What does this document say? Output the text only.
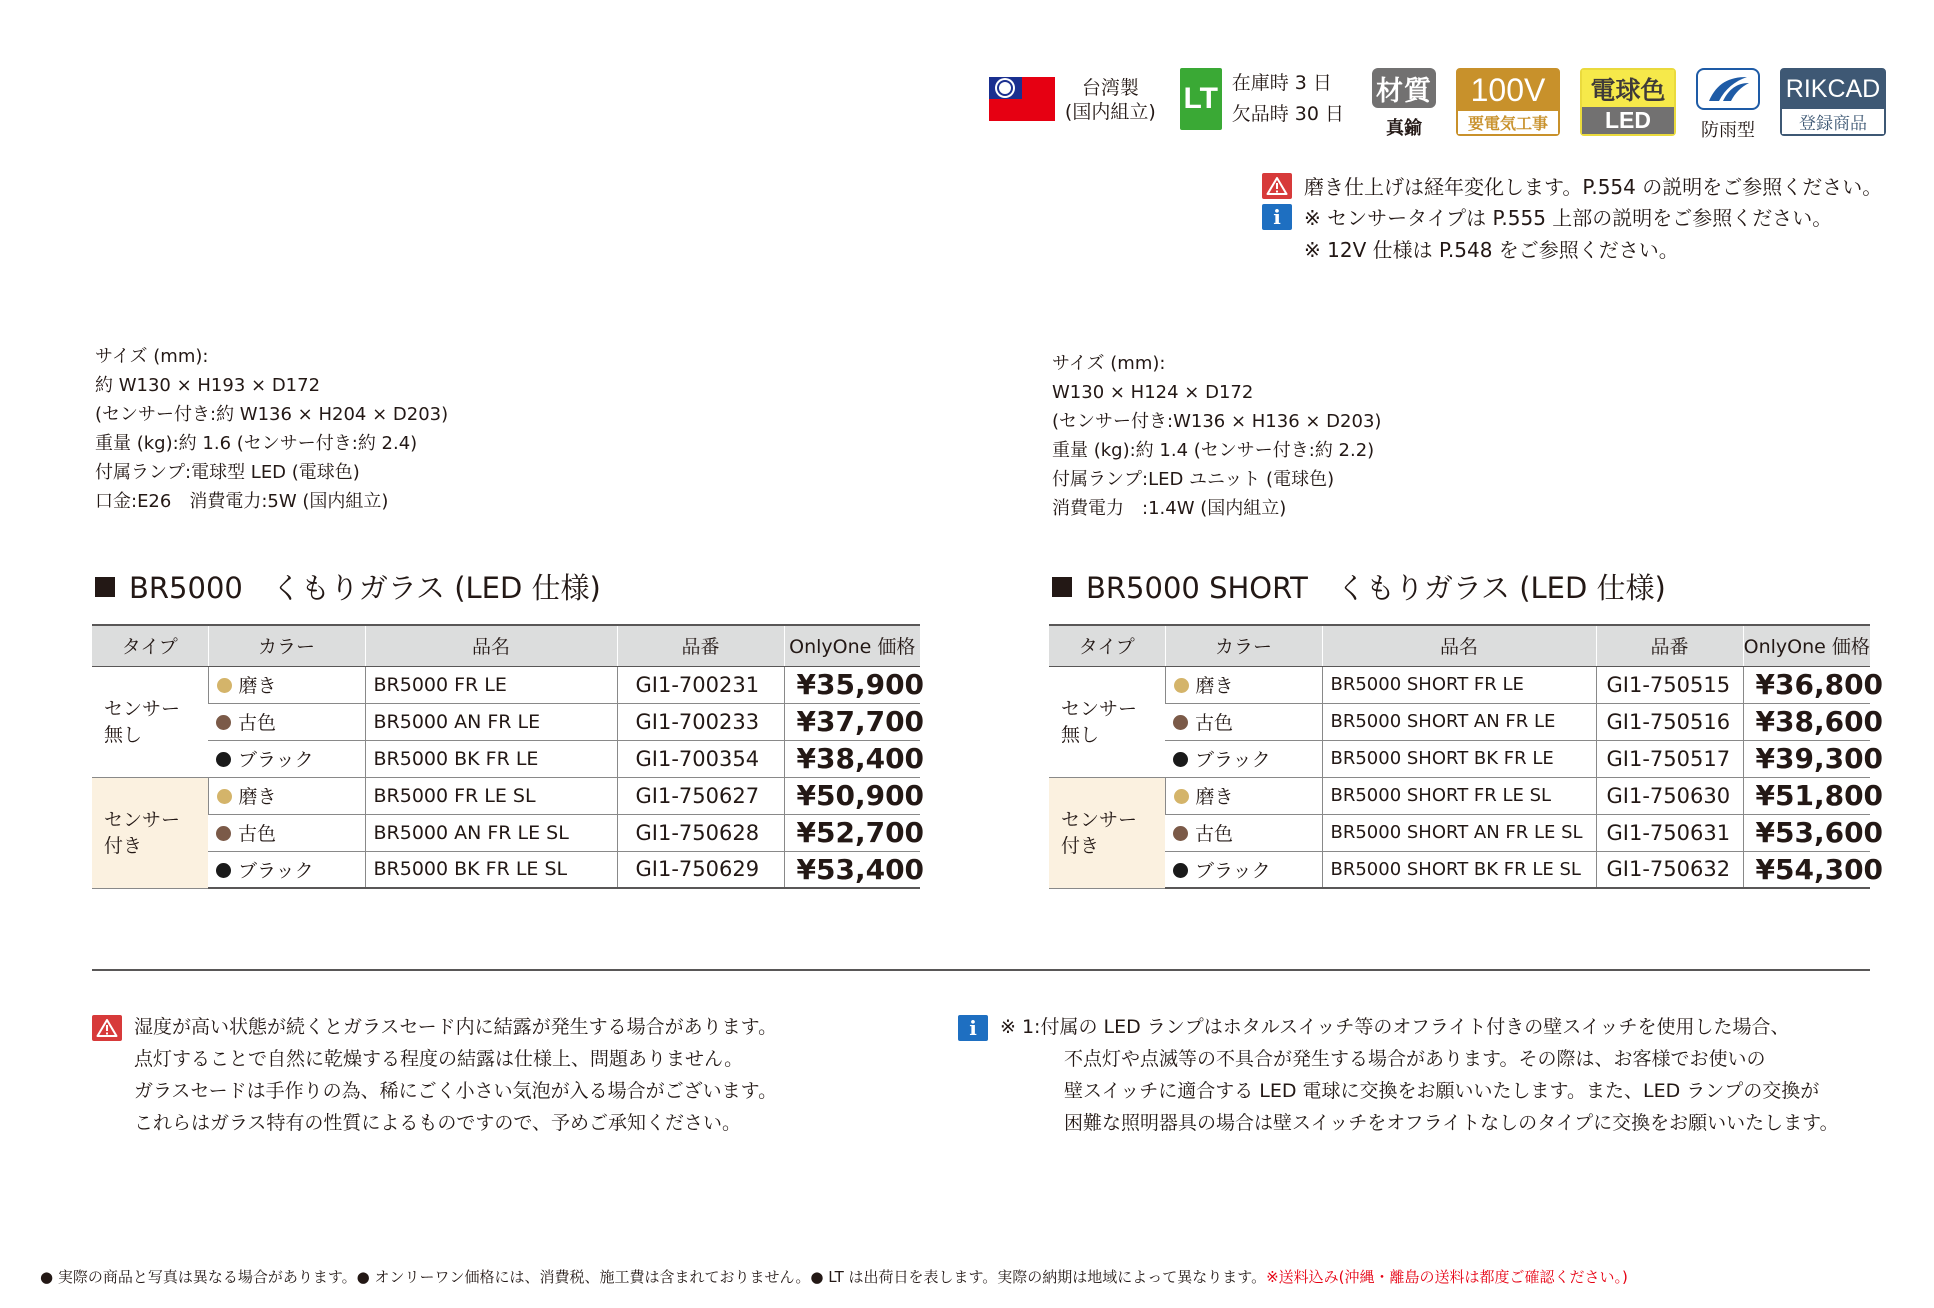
台湾製
(国内組立) LT 在庫時 3 日
欠品時 30 日
材質
真鍮
100V
要電気工事
電球色
LED	防雨型
RIKCAD
登録商品
磨き仕上げは経年変化します。P.554 の説明をご参照ください。
i	※ センサータイプは P.555 上部の説明をご参照ください。
※ 12V 仕様は P.548 をご参照ください。
サイズ (mm):
約 W130 × H193 × D172
(センサー付き:約 W136 × H204 × D203)
重量 (kg):約 1.6 (センサー付き:約 2.4)
付属ランプ:電球型 LED (電球色)
口金:E26　消費電力:5W (国内組立)
サイズ (mm):
W130 × H124 × D172
(センサー付き:W136 × H136 × D203)
重量 (kg):約 1.4 (センサー付き:約 2.2)
付属ランプ:LED ユニット (電球色)
消費電力　:1.4W (国内組立)
BR5000　くもりガラス (LED 仕様)	BR5000 SHORT　くもりガラス (LED 仕様)
タイプ	カラー	品名	品番	OnlyOne 価格

センサー
無し	磨き	BR5000 FR LE	GI1-700231	¥35,900
	古色	BR5000 AN FR LE	GI1-700233	¥37,700
	ブラック	BR5000 BK FR LE	GI1-700354	¥38,400

センサー
付き	磨き	BR5000 FR LE SL	GI1-750627	¥50,900
	古色	BR5000 AN FR LE SL	GI1-750628	¥52,700
	ブラック	BR5000 BK FR LE SL	GI1-750629	¥53,400
タイプ	カラー	品名	品番	OnlyOne 価格

センサー
無し	磨き	BR5000 SHORT FR LE	GI1-750515	¥36,800
	古色	BR5000 SHORT AN FR LE	GI1-750516	¥38,600
	ブラック	BR5000 SHORT BK FR LE	GI1-750517	¥39,300

センサー
付き	磨き	BR5000 SHORT FR LE SL	GI1-750630	¥51,800
	古色	BR5000 SHORT AN FR LE SL	GI1-750631	¥53,600
	ブラック	BR5000 SHORT BK FR LE SL	GI1-750632	¥54,300
湿度が高い状態が続くとガラスセード内に結露が発生する場合があります。
点灯することで自然に乾燥する程度の結露は仕様上、問題ありません。
ガラスセードは手作りの為、稀にごく小さい気泡が入る場合がございます。
これらはガラス特有の性質によるものですので、予めご承知ください。
i	※ 1:付属の LED ランプはホタルスイッチ等のオフライト付きの壁スイッチを使用した場合、
不点灯や点滅等の不具合が発生する場合があります。その際は、お客様でお使いの
壁スイッチに適合する LED 電球に交換をお願いいたします。また、LED ランプの交換が
困難な照明器具の場合は壁スイッチをオフライトなしのタイプに交換をお願いいたします。
● 実際の商品と写真は異なる場合があります。● オンリーワン価格には、消費税、施工費は含まれておりません。● LT は出荷日を表します。実際の納期は地域によって異なります。※送料込み(沖縄・離島の送料は都度ご確認ください。)
